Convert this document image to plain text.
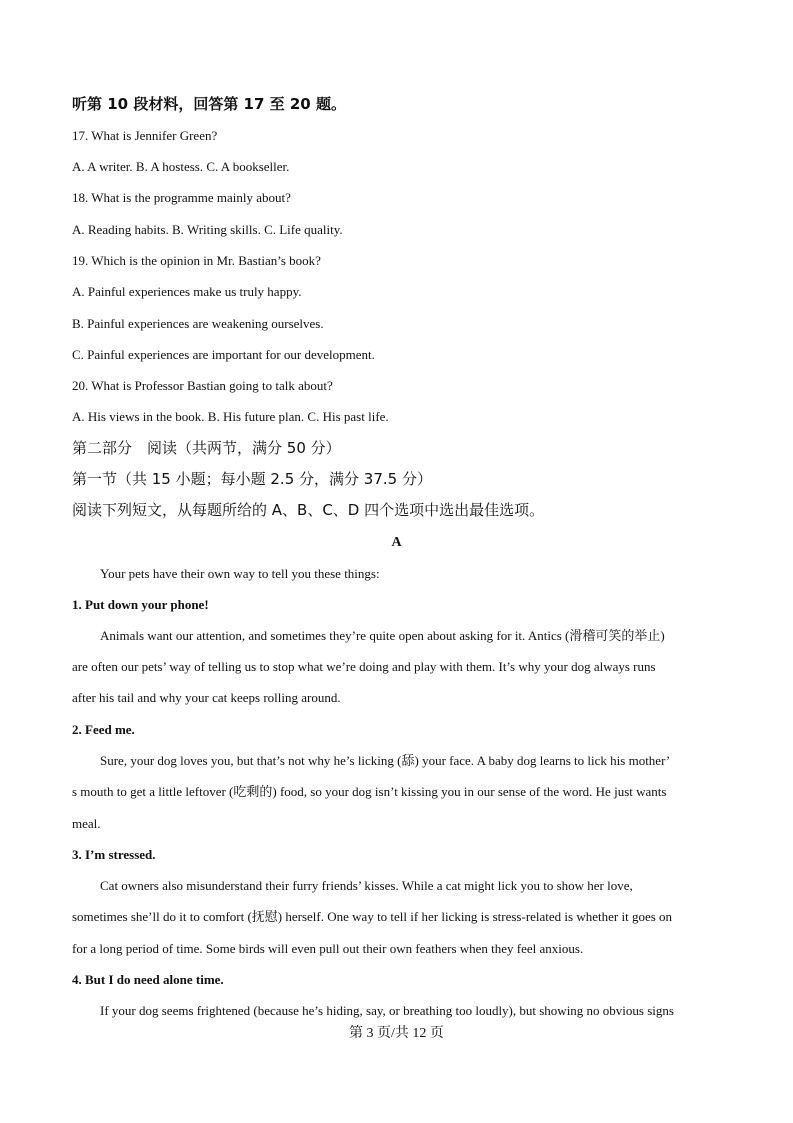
听第 10 段材料，回答第 17 至 20 题。
17. What is Jennifer Green?
A. A writer. B. A hostess. C. A bookseller.
18. What is the programme mainly about?
A. Reading habits. B. Writing skills. C. Life quality.
19. Which is the opinion in Mr. Bastian’s book?
A. Painful experiences make us truly happy.
B. Painful experiences are weakening ourselves.
C. Painful experiences are important for our development.
20. What is Professor Bastian going to talk about?
A. His views in the book. B. His future plan. C. His past life.
第二部分　阅读（共两节，满分 50 分）
第一节（共 15 小题；每小题 2.5 分，满分 37.5 分）
阅读下列短文，从每题所给的 A、B、C、D 四个选项中选出最佳选项。
A
Your pets have their own way to tell you these things:
1. Put down your phone!
Animals want our attention, and sometimes they’re quite open about asking for it. Antics (滑稽可笑的举止)
are often our pets’ way of telling us to stop what we’re doing and play with them. It’s why your dog always runs
after his tail and why your cat keeps rolling around.
2. Feed me.
Sure, your dog loves you, but that’s not why he’s licking (舔) your face. A baby dog learns to lick his mother’
s mouth to get a little leftover (吃剩的) food, so your dog isn’t kissing you in our sense of the word. He just wants
meal.
3. I’m stressed.
Cat owners also misunderstand their furry friends’ kisses. While a cat might lick you to show her love,
sometimes she’ll do it to comfort (抚慰) herself. One way to tell if her licking is stress-related is whether it goes on
for a long period of time. Some birds will even pull out their own feathers when they feel anxious.
4. But I do need alone time.
If your dog seems frightened (because he’s hiding, say, or breathing too loudly), but showing no obvious signs
第 3 页/共 12 页
